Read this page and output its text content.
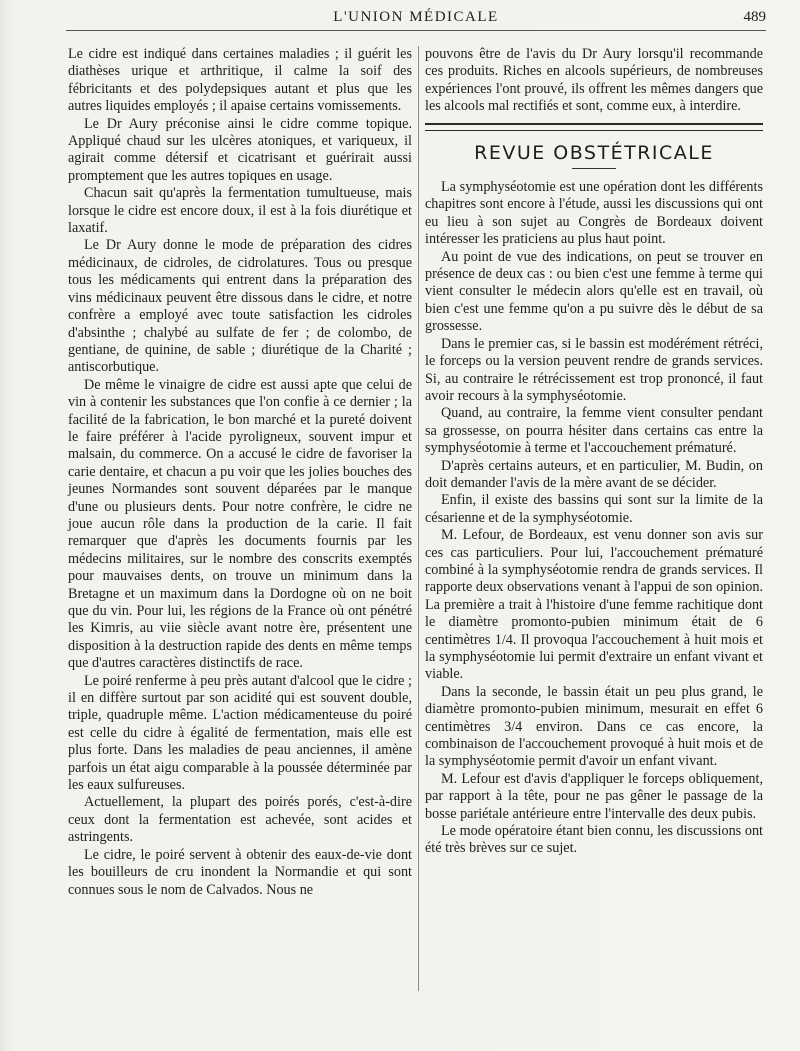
L'UNION MÉDICALE	489

Le cidre est indiqué dans certaines maladies ; il guérit les diathèses urique et arthritique, il calme la soif des fébricitants et des polydepsiques autant et plus que les autres liquides employés ; il apaise certains vomissements.

Le Dr Aury préconise ainsi le cidre comme topique. Appliqué chaud sur les ulcères atoniques, et variqueux, il agirait comme détersif et cicatrisant et guérirait aussi promptement que les autres topiques en usage.

Chacun sait qu'après la fermentation tumultueuse, mais lorsque le cidre est encore doux, il est à la fois diurétique et laxatif.

Le Dr Aury donne le mode de préparation des cidres médicinaux, de cidroles, de cidrolatures. Tous ou presque tous les médicaments qui entrent dans la préparation des vins médicinaux peuvent être dissous dans le cidre, et notre confrère a employé avec toute satisfaction les cidroles d'absinthe ; chalybé au sulfate de fer ; de colombo, de gentiane, de quinine, de sable ; diurétique de la Charité ; antiscorbutique.

De même le vinaigre de cidre est aussi apte que celui de vin à contenir les substances que l'on confie à ce dernier ; la facilité de la fabrication, le bon marché et la pureté doivent le faire préférer à l'acide pyroligneux, souvent impur et malsain, du commerce. On a accusé le cidre de favoriser la carie dentaire, et chacun a pu voir que les jolies bouches des jeunes Normandes sont souvent déparées par le manque d'une ou plusieurs dents. Pour notre confrère, le cidre ne joue aucun rôle dans la production de la carie. Il fait remarquer que d'après les documents fournis par les médecins militaires, sur le nombre des conscrits exemptés pour mauvaises dents, on trouve un minimum dans la Bretagne et un maximum dans la Dordogne où on ne boit que du vin. Pour lui, les régions de la France où ont pénétré les Kimris, au viie siècle avant notre ère, présentent une disposition à la destruction rapide des dents en même temps que d'autres caractères distinctifs de race.

Le poiré renferme à peu près autant d'alcool que le cidre ; il en diffère surtout par son acidité qui est souvent double, triple, quadruple même. L'action médicamenteuse du poiré est celle du cidre à égalité de fermentation, mais elle est plus forte. Dans les maladies de peau anciennes, il amène parfois un état aigu comparable à la poussée déterminée par les eaux sulfureuses.

Actuellement, la plupart des poirés porés, c'est-à-dire ceux dont la fermentation est achevée, sont acides et astringents.

Le cidre, le poiré servent à obtenir des eaux-de-vie dont les bouilleurs de cru inondent la Normandie et qui sont connues sous le nom de Calvados. Nous ne

pouvons être de l'avis du Dr Aury lorsqu'il recommande ces produits. Riches en alcools supérieurs, de nombreuses expériences l'ont prouvé, ils offrent les mêmes dangers que les alcools mal rectifiés et sont, comme eux, à interdire.

REVUE OBSTÉTRICALE

La symphyséotomie est une opération dont les différents chapitres sont encore à l'étude, aussi les discussions qui ont eu lieu à son sujet au Congrès de Bordeaux doivent intéresser les praticiens au plus haut point.

Au point de vue des indications, on peut se trouver en présence de deux cas : ou bien c'est une femme à terme qui vient consulter le médecin alors qu'elle est en travail, où bien c'est une femme qu'on a pu suivre dès le début de sa grossesse.

Dans le premier cas, si le bassin est modérément rétréci, le forceps ou la version peuvent rendre de grands services. Si, au contraire le rétrécissement est trop prononcé, il faut avoir recours à la symphyséotomie.

Quand, au contraire, la femme vient consulter pendant sa grossesse, on pourra hésiter dans certains cas entre la symphyséotomie à terme et l'accouchement prématuré.

D'après certains auteurs, et en particulier, M. Budin, on doit demander l'avis de la mère avant de se décider.

Enfin, il existe des bassins qui sont sur la limite de la césarienne et de la symphyséotomie.

M. Lefour, de Bordeaux, est venu donner son avis sur ces cas particuliers. Pour lui, l'accouchement prématuré combiné à la symphyséotomie rendra de grands services. Il rapporte deux observations venant à l'appui de son opinion. La première a trait à l'histoire d'une femme rachitique dont le diamètre promonto-pubien minimum était de 6 centimètres 1/4. Il provoqua l'accouchement à huit mois et la symphyséotomie lui permit d'extraire un enfant vivant et viable.

Dans la seconde, le bassin était un peu plus grand, le diamètre promonto-pubien minimum, mesurait en effet 6 centimètres 3/4 environ. Dans ce cas encore, la combinaison de l'accouchement provoqué à huit mois et de la symphyséotomie permit d'avoir un enfant vivant.

M. Lefour est d'avis d'appliquer le forceps obliquement, par rapport à la tête, pour ne pas gêner le passage de la bosse pariétale antérieure entre l'intervalle des deux pubis.

Le mode opératoire étant bien connu, les discussions ont été très brèves sur ce sujet.
